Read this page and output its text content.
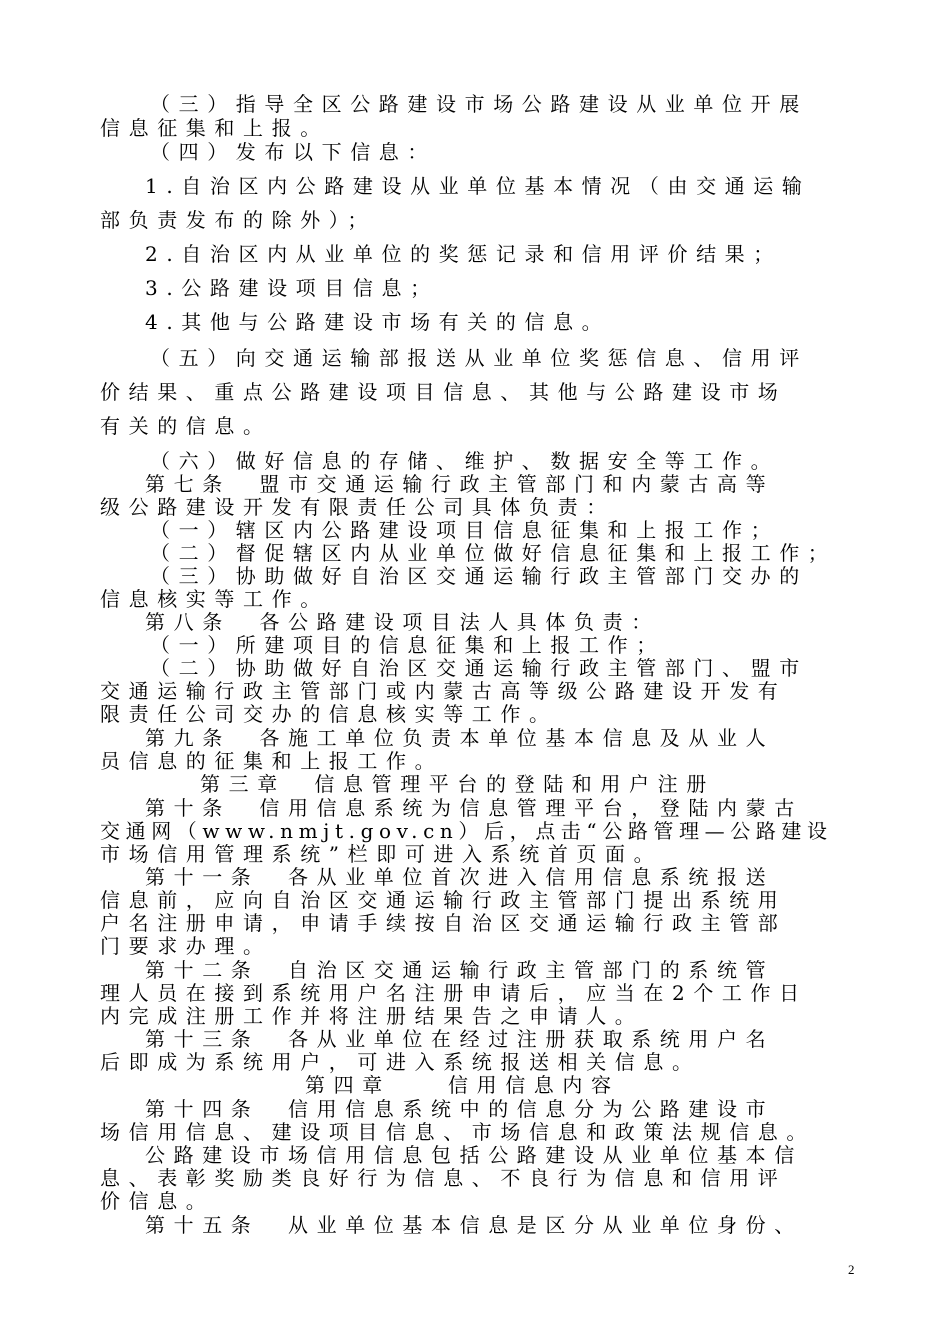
（三）指导全区公路建设市场公路建设从业单位开展
信息征集和上报。
（四）发布以下信息：
1.自治区内公路建设从业单位基本情况（由交通运输
部负责发布的除外）；
2.自治区内从业单位的奖惩记录和信用评价结果；
3.公路建设项目信息；
4.其他与公路建设市场有关的信息。
（五）向交通运输部报送从业单位奖惩信息、信用评
价结果、重点公路建设项目信息、其他与公路建设市场
有关的信息。
（六）做好信息的存储、维护、数据安全等工作。
第七条　盟市交通运输行政主管部门和内蒙古高等
级公路建设开发有限责任公司具体负责：
（一）辖区内公路建设项目信息征集和上报工作；
（二）督促辖区内从业单位做好信息征集和上报工作；
（三）协助做好自治区交通运输行政主管部门交办的
信息核实等工作。
第八条　各公路建设项目法人具体负责：
（一）所建项目的信息征集和上报工作；
（二）协助做好自治区交通运输行政主管部门、盟市
交通运输行政主管部门或内蒙古高等级公路建设开发有
限责任公司交办的信息核实等工作。
第九条　各施工单位负责本单位基本信息及从业人
员信息的征集和上报工作。
第三章　信息管理平台的登陆和用户注册
第十条　信用信息系统为信息管理平台，登陆内蒙古
交通网（www.nmjt.gov.cn）后，点击“公路管理—公路建设
市场信用管理系统”栏即可进入系统首页面。
第十一条　各从业单位首次进入信用信息系统报送
信息前，应向自治区交通运输行政主管部门提出系统用
户名注册申请，申请手续按自治区交通运输行政主管部
门要求办理。
第十二条　自治区交通运输行政主管部门的系统管
理人员在接到系统用户名注册申请后，应当在2个工作日
内完成注册工作并将注册结果告之申请人。
第十三条　各从业单位在经过注册获取系统用户名
后即成为系统用户，可进入系统报送相关信息。
第四章　　信用信息内容
第十四条　信用信息系统中的信息分为公路建设市
场信用信息、建设项目信息、市场信息和政策法规信息。
公路建设市场信用信息包括公路建设从业单位基本信
息、表彰奖励类良好行为信息、不良行为信息和信用评
价信息。
第十五条　从业单位基本信息是区分从业单位身份、
2
